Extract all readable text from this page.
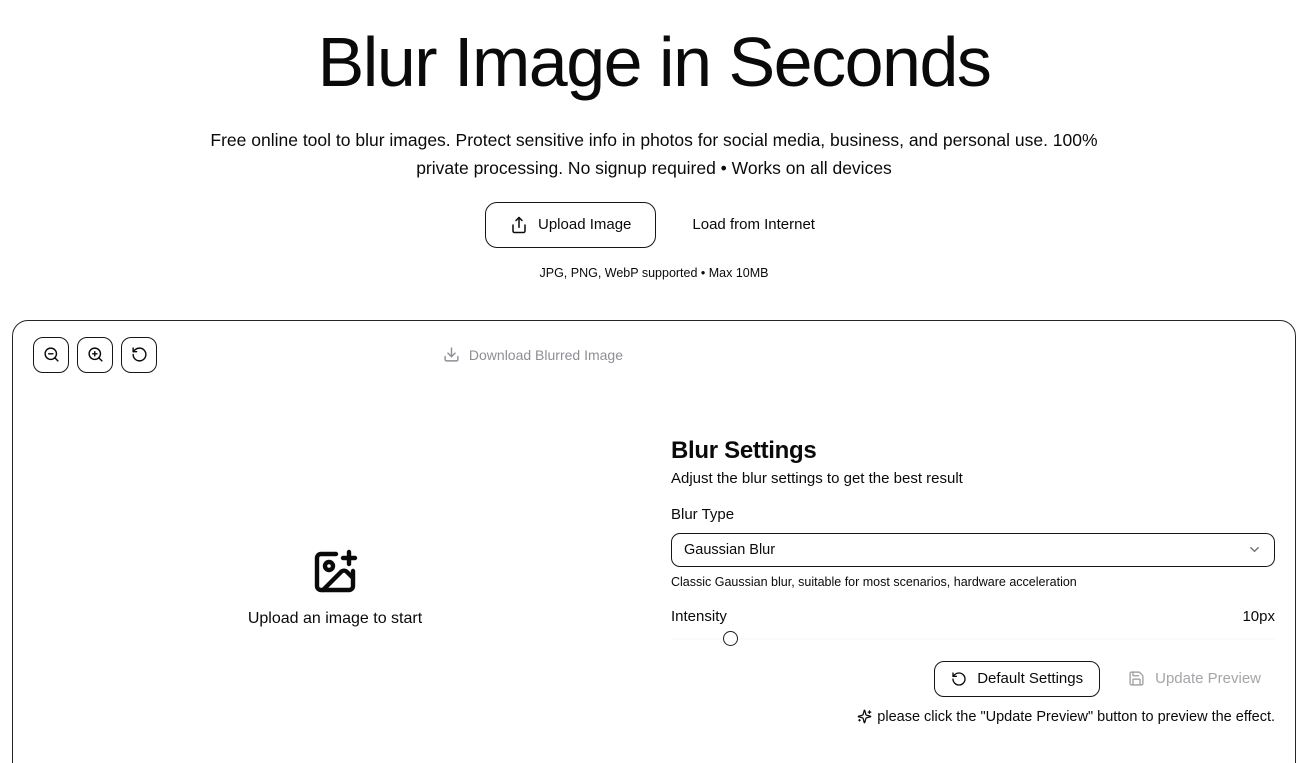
Blur Image in Seconds

Free online tool to blur images. Protect sensitive info in photos for social media, business, and personal use. 100% private processing. No signup required • Works on all devices

Upload Image	Load from Internet
JPG, PNG, WebP supported • Max 10MB
Download Blurred Image
Upload an image to start
Blur Settings

Adjust the blur settings to get the best result

Blur Type
Gaussian Blur
Classic Gaussian blur, suitable for most scenarios, hardware acceleration
Intensity	10px
Default Settings	Update Preview
please click the "Update Preview" button to preview the effect.
